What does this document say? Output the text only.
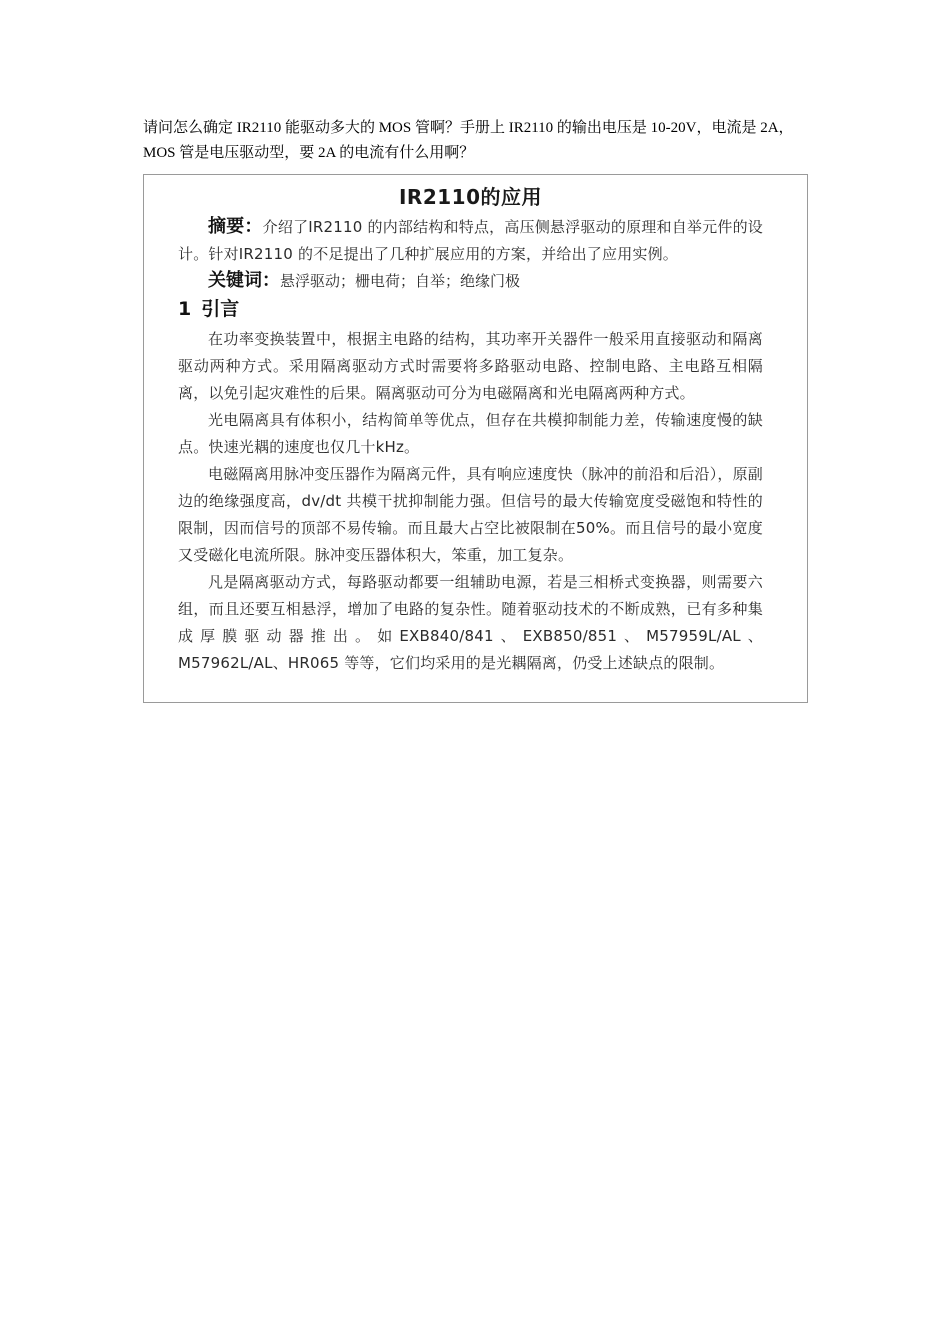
请问怎么确定 IR2110 能驱动多大的 MOS 管啊？手册上 IR2110 的输出电压是 10-20V，电流是 2A，MOS 管是电压驱动型，要 2A 的电流有什么用啊？
IR2110的应用

摘要：介绍了IR2110 的内部结构和特点，高压侧悬浮驱动的原理和自举元件的设计。针对IR2110 的不足提出了几种扩展应用的方案，并给出了应用实例。

关键词：悬浮驱动；栅电荷；自举；绝缘门极

1 引言

在功率变换装置中，根据主电路的结构，其功率开关器件一般采用直接驱动和隔离驱动两种方式。采用隔离驱动方式时需要将多路驱动电路、控制电路、主电路互相隔离，以免引起灾难性的后果。隔离驱动可分为电磁隔离和光电隔离两种方式。

光电隔离具有体积小，结构简单等优点，但存在共模抑制能力差，传输速度慢的缺点。快速光耦的速度也仅几十kHz。

电磁隔离用脉冲变压器作为隔离元件，具有响应速度快（脉冲的前沿和后沿），原副边的绝缘强度高，dv/dt 共模干扰抑制能力强。但信号的最大传输宽度受磁饱和特性的限制，因而信号的顶部不易传输。而且最大占空比被限制在50%。而且信号的最小宽度又受磁化电流所限。脉冲变压器体积大，笨重，加工复杂。

凡是隔离驱动方式，每路驱动都要一组辅助电源，若是三相桥式变换器，则需要六组，而且还要互相悬浮，增加了电路的复杂性。随着驱动技术的不断成熟，已有多种集成厚膜驱动器推出。如EXB840/841、EXB850/851、M57959L/AL、M57962L/AL、HR065 等等，它们均采用的是光耦隔离，仍受上述缺点的限制。
